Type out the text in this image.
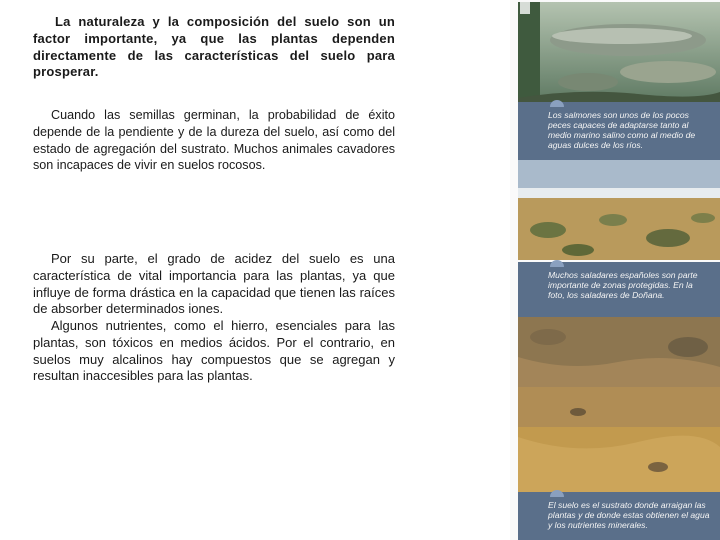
La naturaleza y la composición del suelo son un factor importante, ya que las plantas dependen directamente de las características del suelo para prosperar.

Cuando las semillas germinan, la probabilidad de éxito depende de la pendiente y de la dureza del suelo, así como del estado de agregación del sustrato. Muchos animales cavadores son incapaces de vivir en suelos rocosos.

Por su parte, el grado de acidez del suelo es una característica de vital importancia para las plantas, ya que influye de forma drástica en la capacidad que tienen las raíces de absorber determinados iones.

Algunos nutrientes, como el hierro, esenciales para las plantas, son tóxicos en medios ácidos. Por el contrario, en suelos muy alcalinos hay compuestos que se agregan y resultan inaccesibles para las plantas.

Los salmones son unos de los pocos peces capaces de adaptarse tanto al medio marino salino como al medio de aguas dulces de los ríos.
Muchos saladares españoles son parte importante de zonas protegidas. En la foto, los saladares de Doñana.
El suelo es el sustrato donde arraigan las plantas y de donde estas obtienen el agua y los nutrientes minerales.
